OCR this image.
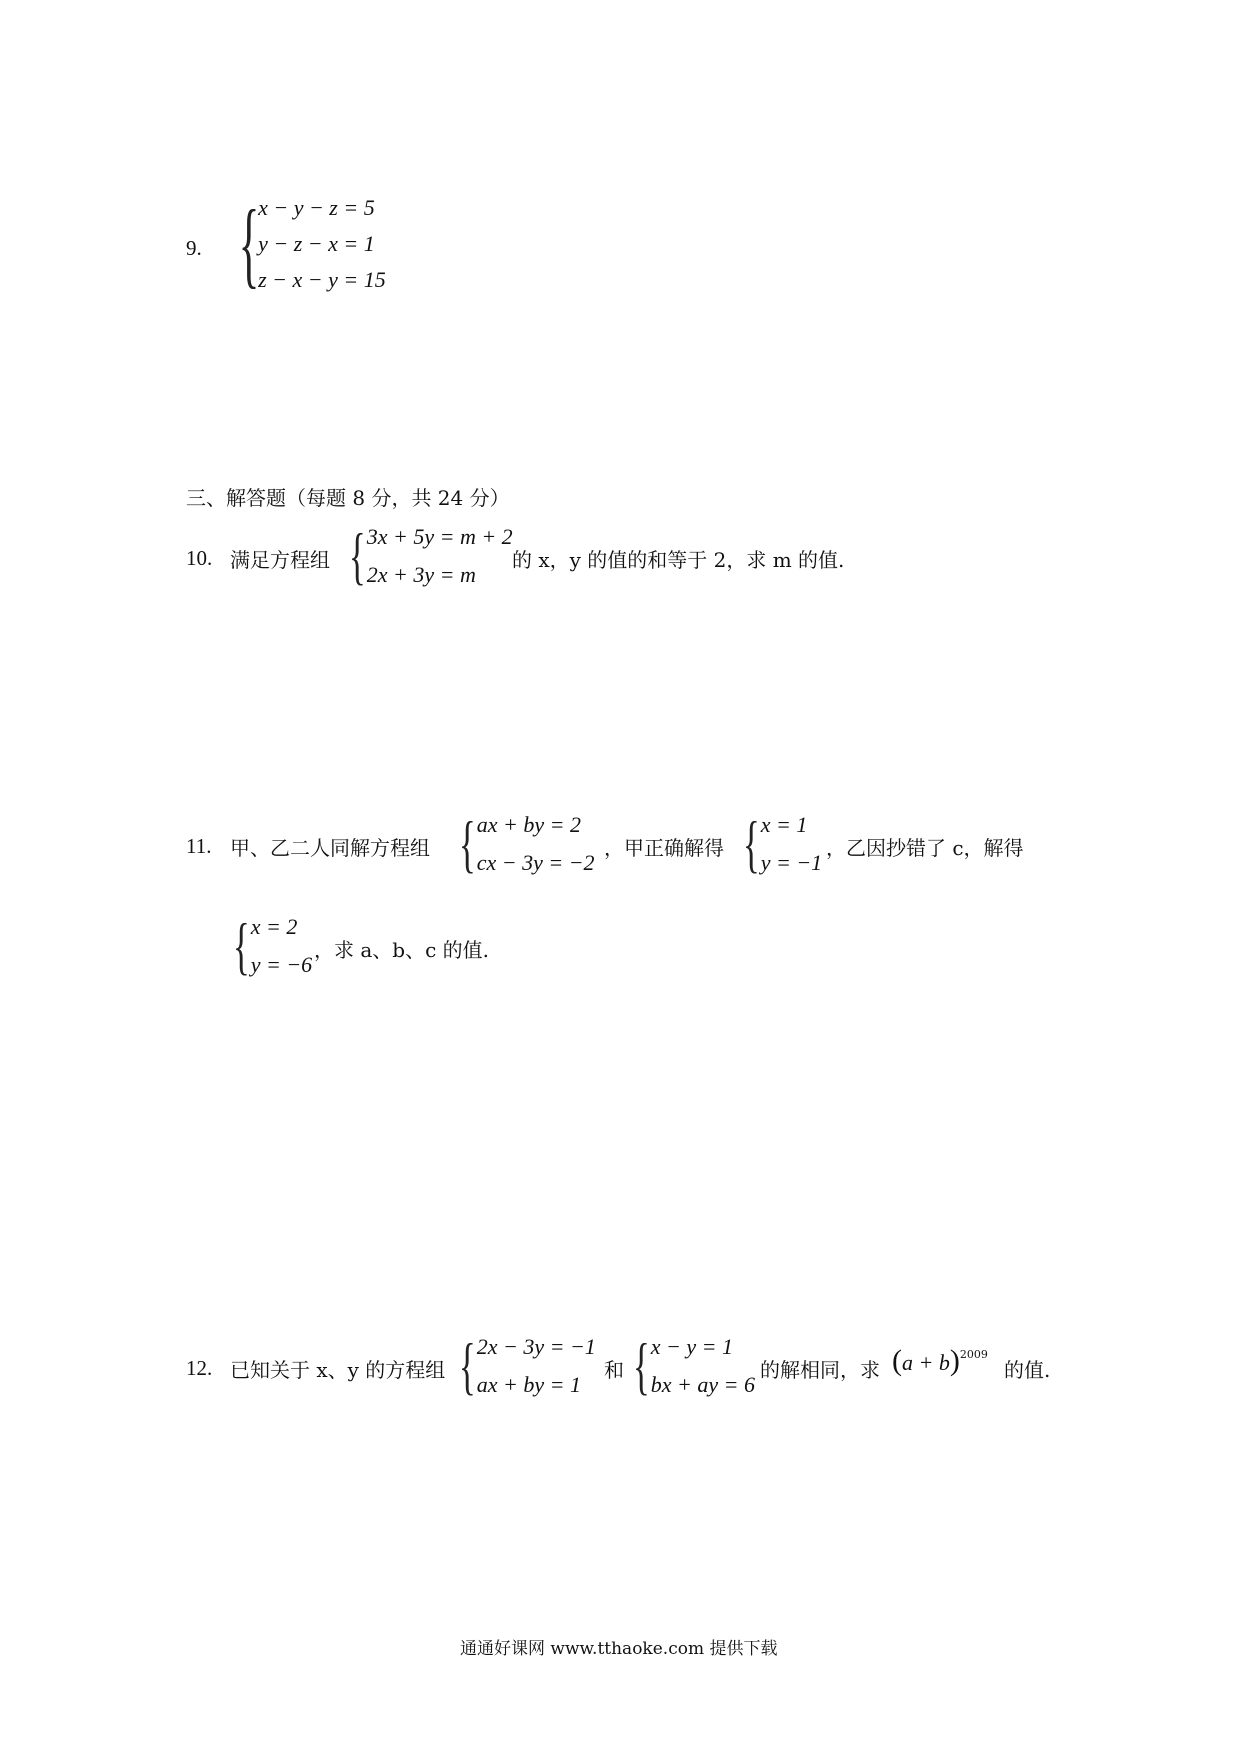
9. {
x − y − z = 5
y − z − x = 1
z − x − y = 15
三、解答题（每题 8 分，共 24 分）
10. 满足方程组 { 3x + 5y = m + 2
2x + 3y = m
的 x，y 的值的和等于 2，求 m 的值.
11. 甲、乙二人同解方程组 { ax + by = 2
cx − 3y = −2
，甲正确解得 { x = 1
y = −1
，乙因抄错了 c，解得
{ x = 2
y = −6
，求 a、b、c 的值.
12. 已知关于 x、y 的方程组 { 2x − 3y = −1
ax + by = 1
和 { x − y = 1
bx + ay = 6
的解相同，求 $(a + b)^{2009}$
的值.
通通好课网 www.tthaoke.com 提供下载
